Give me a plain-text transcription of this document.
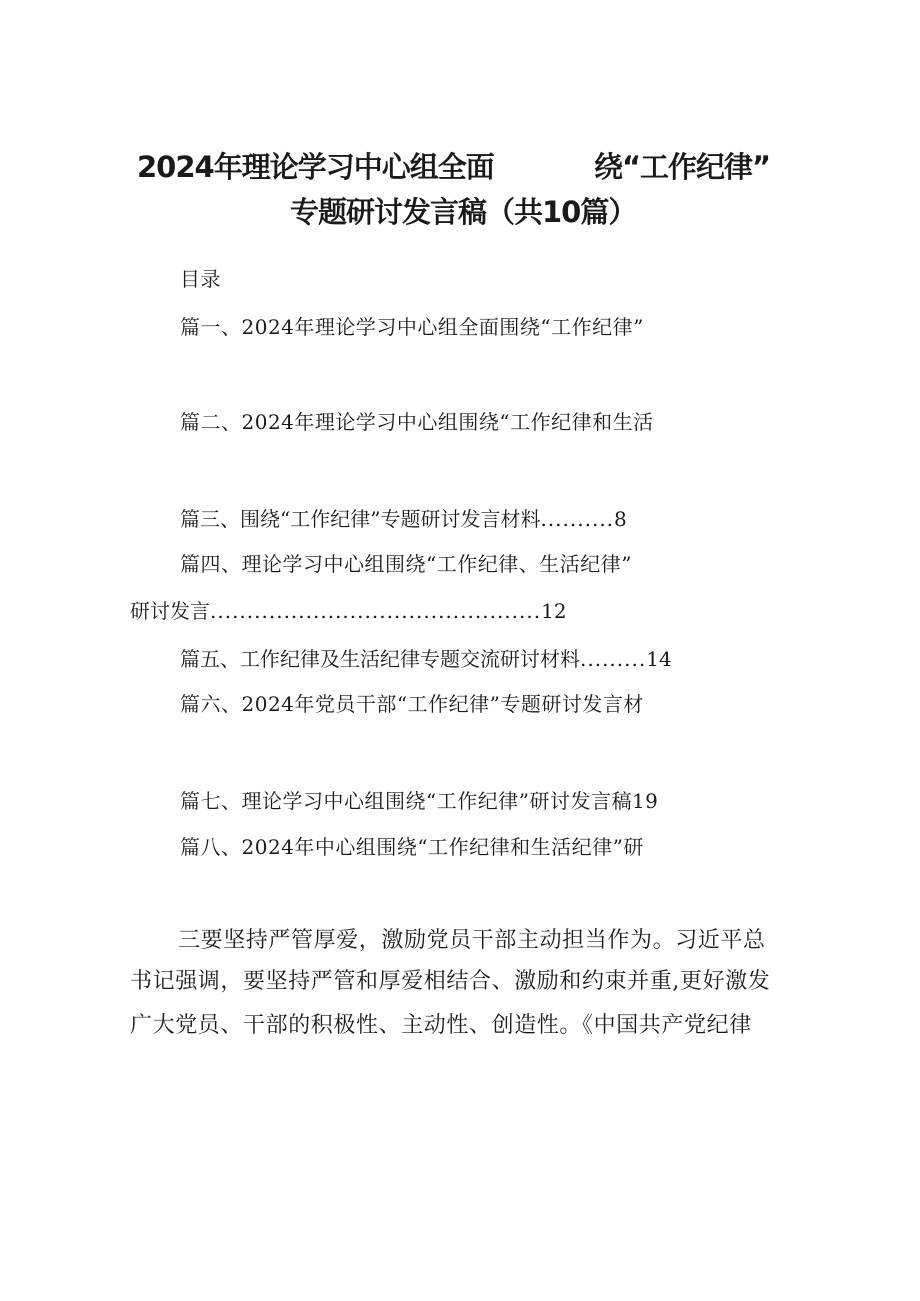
2024年理论学习中心组全面	绕“工作纪律”
专题研讨发言稿（共10篇）
目录
篇一、2024年理论学习中心组全面围绕“工作纪律”
篇二、2024年理论学习中心组围绕“工作纪律和生活
篇三、围绕“工作纪律”专题研讨发言材料 .......... 8
篇四、理论学习中心组围绕“工作纪律、生活纪律”
研讨发言 ............................................. 12
篇五、工作纪律及生活纪律专题交流研讨材料 ......... 14
篇六、2024年党员干部“工作纪律”专题研讨发言材
篇七、理论学习中心组围绕“工作纪律”研讨发言稿19
篇八、2024年中心组围绕“工作纪律和生活纪律”研
三要坚持严管厚爱，激励党员干部主动担当作为。习近平总
书记强调，要坚持严管和厚爱相结合、激励和约束并重,更好激发
广大党员、干部的积极性、主动性、创造性。《中国共产党纪律
